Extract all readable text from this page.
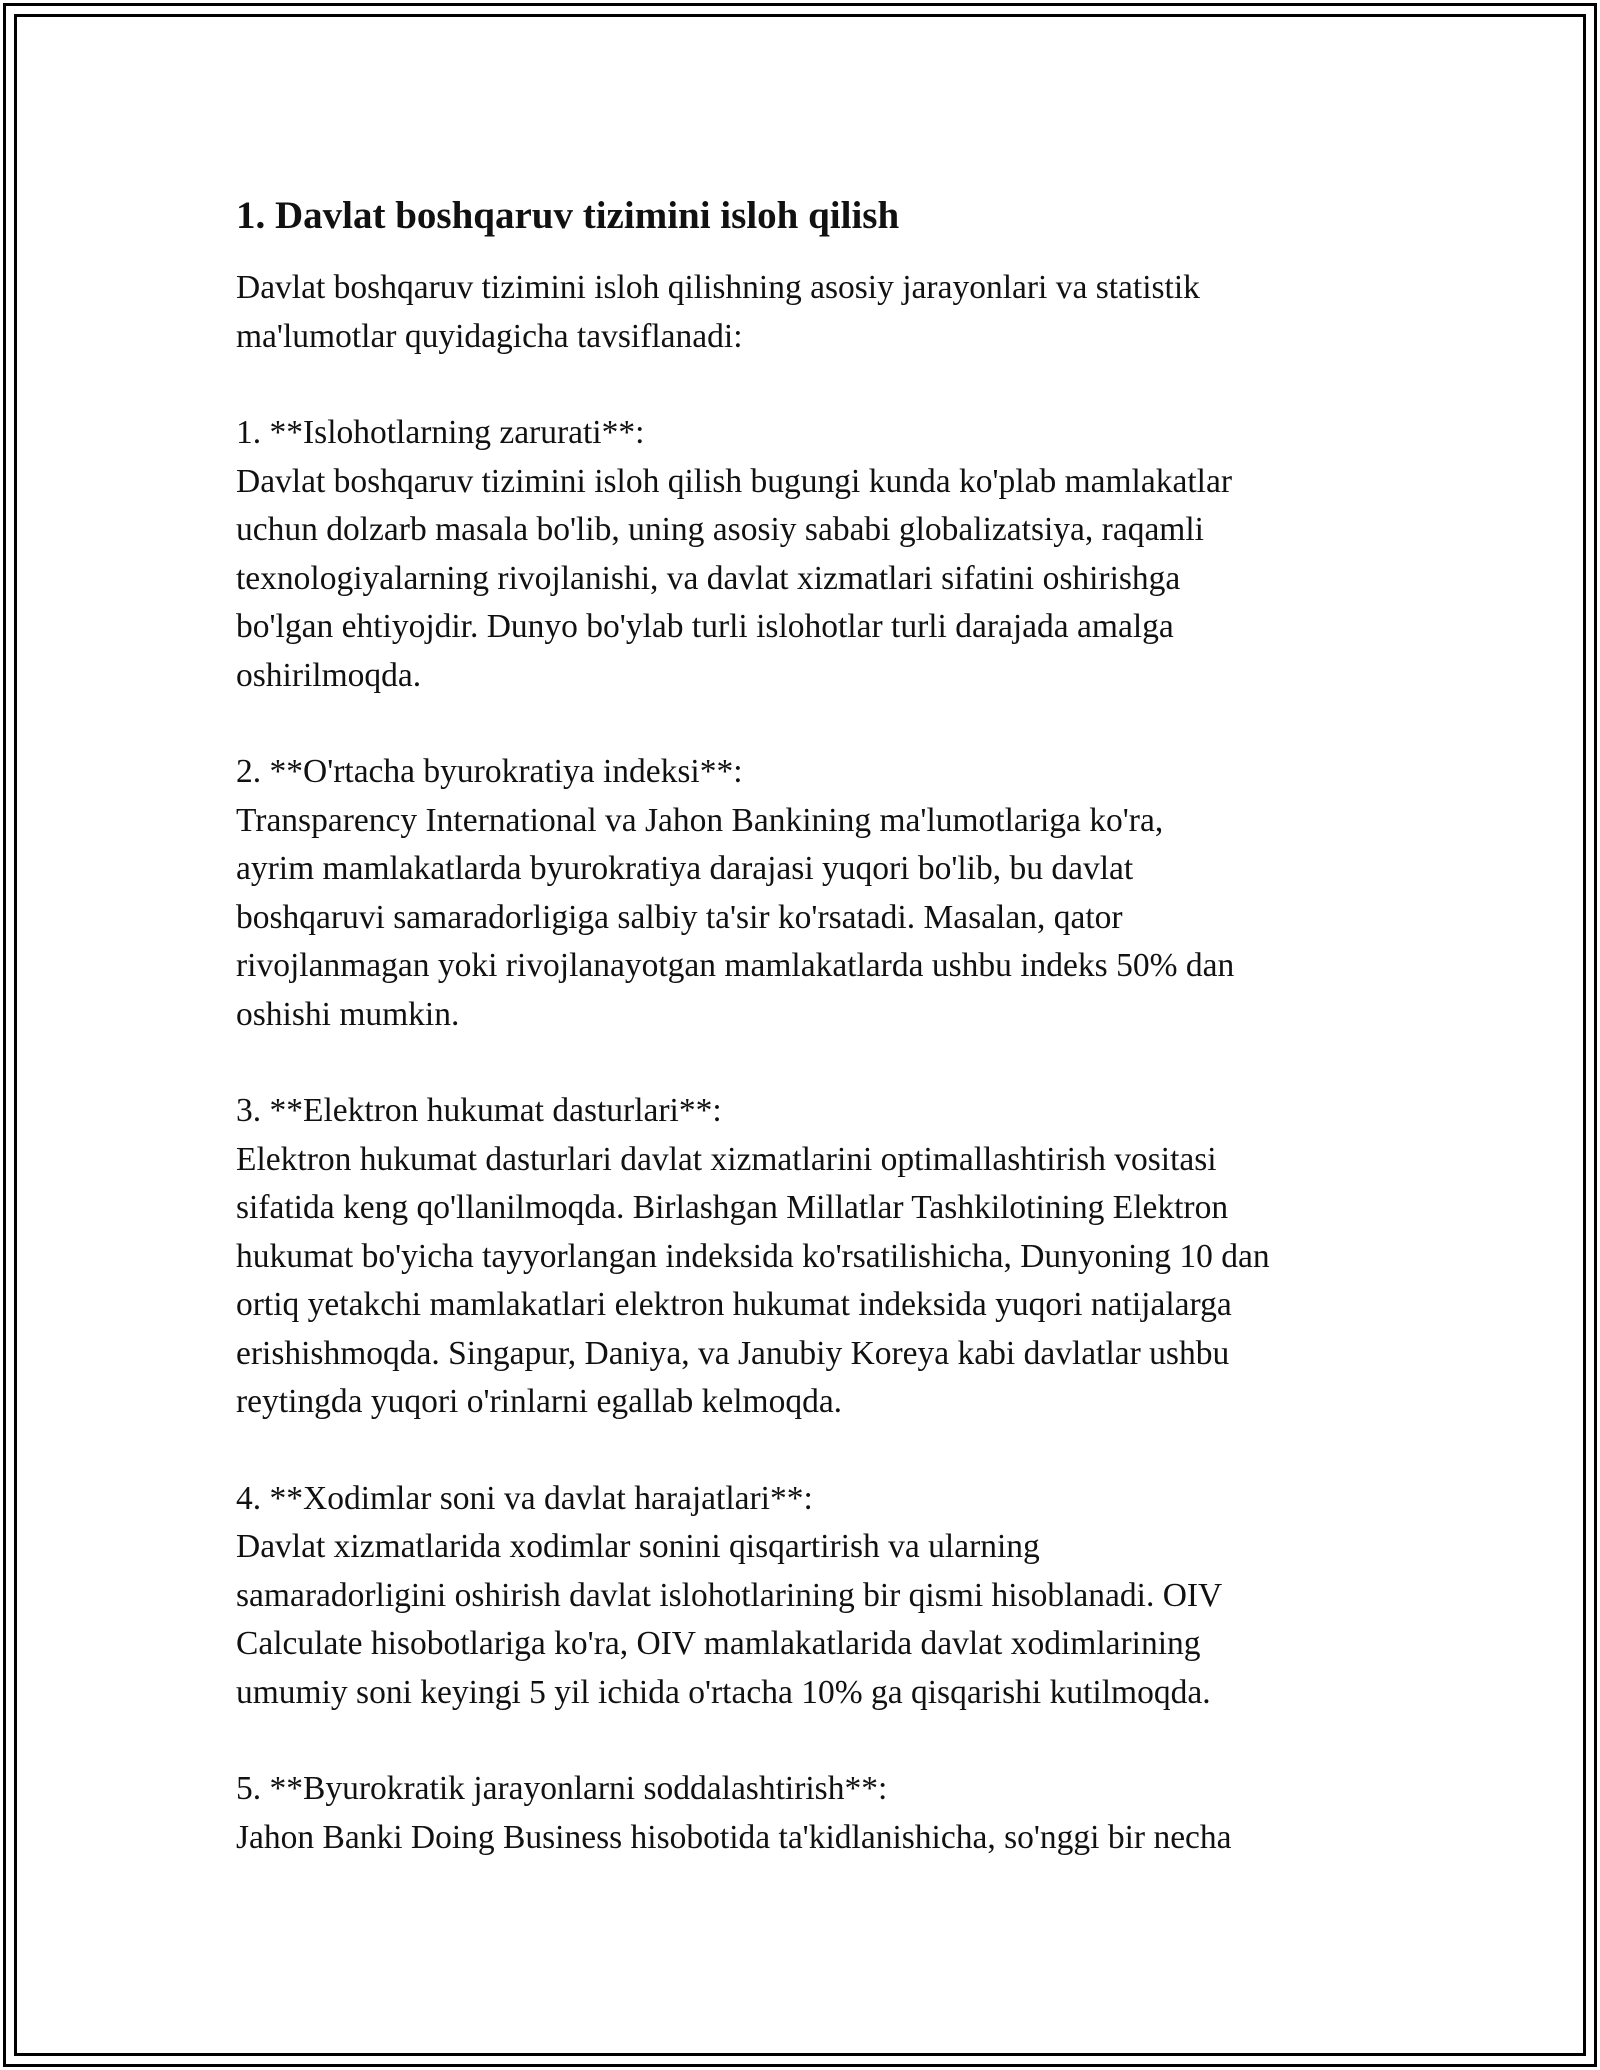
1. Davlat boshqaruv tizimini isloh qilish

Davlat boshqaruv tizimini isloh qilishning asosiy jarayonlari va statistik
ma'lumotlar quyidagicha tavsiflanadi:

1. **Islohotlarning zarurati**:

Davlat boshqaruv tizimini isloh qilish bugungi kunda ko'plab mamlakatlar
uchun dolzarb masala bo'lib, uning asosiy sababi globalizatsiya, raqamli
texnologiyalarning rivojlanishi, va davlat xizmatlari sifatini oshirishga
bo'lgan ehtiyojdir. Dunyo bo'ylab turli islohotlar turli darajada amalga
oshirilmoqda.

2. **O'rtacha byurokratiya indeksi**:

Transparency International va Jahon Bankining ma'lumotlariga ko'ra,
ayrim mamlakatlarda byurokratiya darajasi yuqori bo'lib, bu davlat
boshqaruvi samaradorligiga salbiy ta'sir ko'rsatadi. Masalan, qator
rivojlanmagan yoki rivojlanayotgan mamlakatlarda ushbu indeks 50% dan
oshishi mumkin.

3. **Elektron hukumat dasturlari**:

Elektron hukumat dasturlari davlat xizmatlarini optimallashtirish vositasi
sifatida keng qo'llanilmoqda. Birlashgan Millatlar Tashkilotining Elektron
hukumat bo'yicha tayyorlangan indeksida ko'rsatilishicha, Dunyoning 10 dan
ortiq yetakchi mamlakatlari elektron hukumat indeksida yuqori natijalarga
erishishmoqda. Singapur, Daniya, va Janubiy Koreya kabi davlatlar ushbu
reytingda yuqori o'rinlarni egallab kelmoqda.

4. **Xodimlar soni va davlat harajatlari**:

Davlat xizmatlarida xodimlar sonini qisqartirish va ularning
samaradorligini oshirish davlat islohotlarining bir qismi hisoblanadi. OIV
Calculate hisobotlariga ko'ra, OIV mamlakatlarida davlat xodimlarining
umumiy soni keyingi 5 yil ichida o'rtacha 10% ga qisqarishi kutilmoqda.

5. **Byurokratik jarayonlarni soddalashtirish**:

Jahon Banki Doing Business hisobotida ta'kidlanishicha, so'nggi bir necha
